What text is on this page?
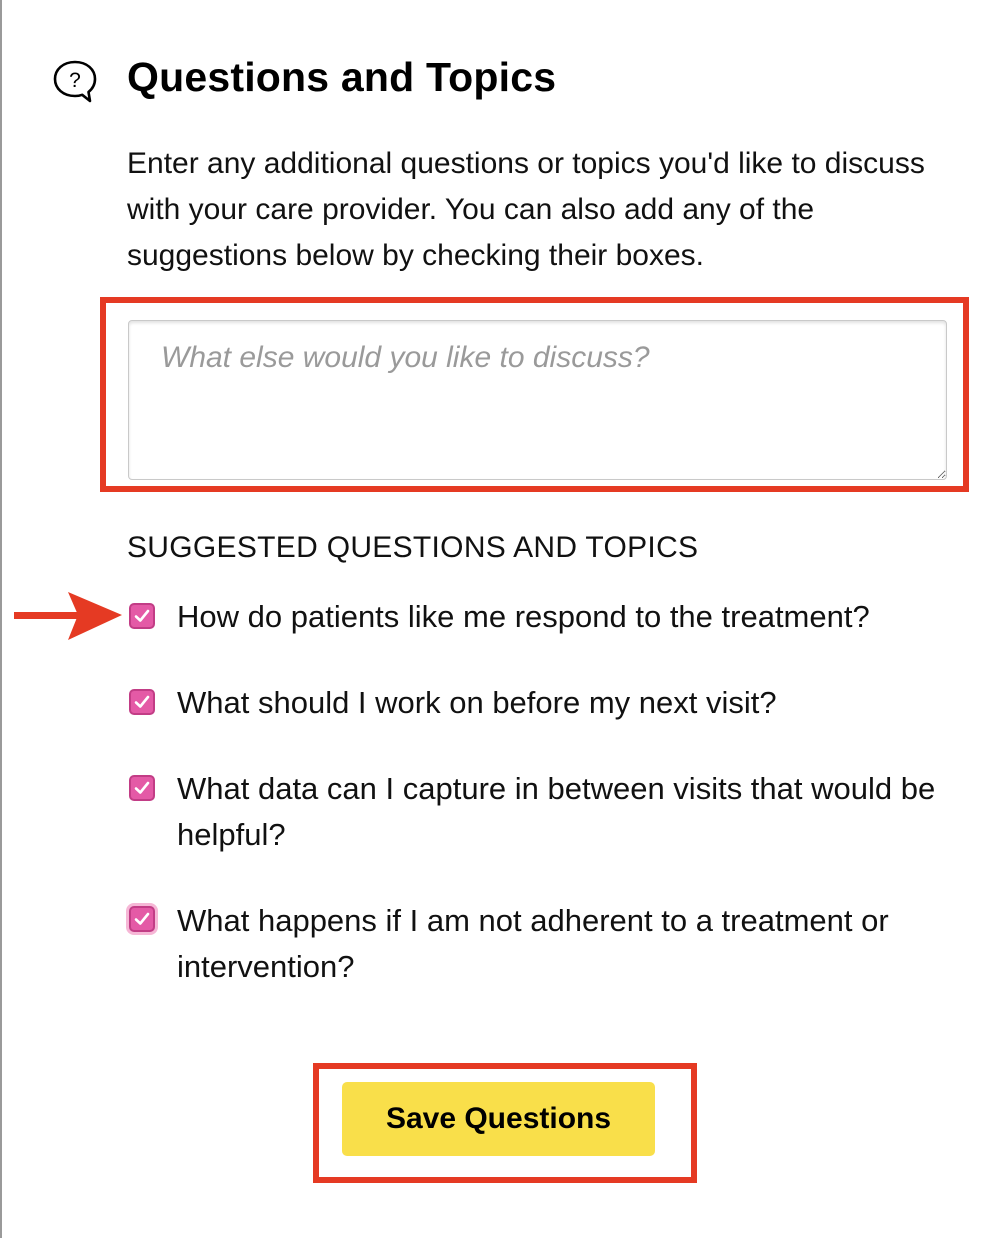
? Questions and Topics

Enter any additional questions or topics you'd like to discuss with your care provider. You can also add any of the suggestions below by checking their boxes.

What else would you like to discuss?
SUGGESTED QUESTIONS AND TOPICS

How do patients like me respond to the treatment?

What should I work on before my next visit?

What data can I capture in between visits that would be helpful?

What happens if I am not adherent to a treatment or intervention?

Save Questions
